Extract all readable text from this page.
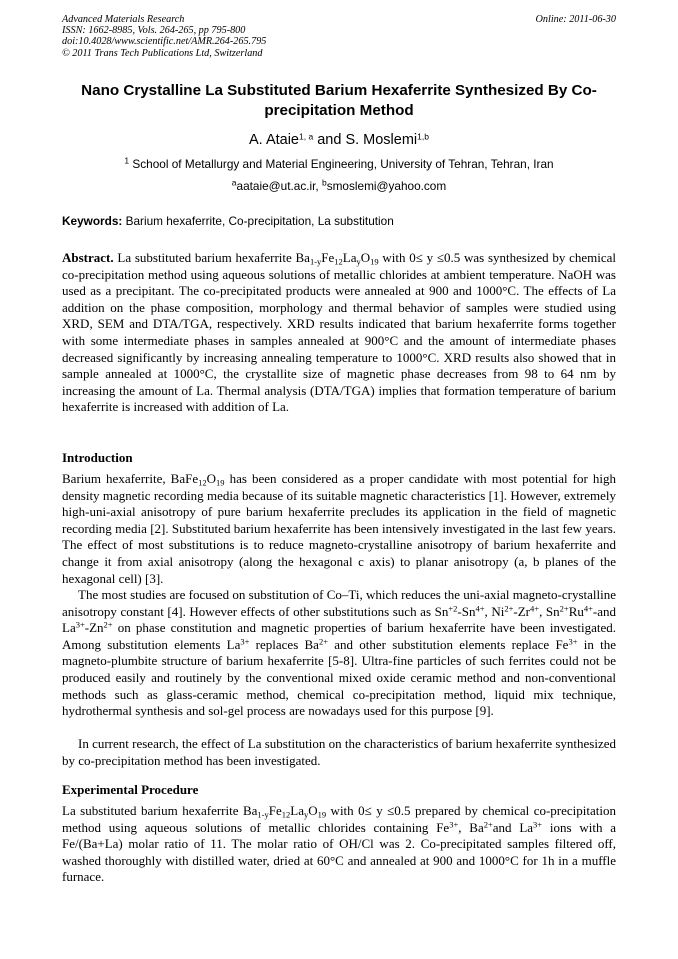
Advanced Materials Research
ISSN: 1662-8985, Vols. 264-265, pp 795-800
doi:10.4028/www.scientific.net/AMR.264-265.795
© 2011 Trans Tech Publications Ltd, Switzerland
Online: 2011-06-30
Nano Crystalline La Substituted Barium Hexaferrite Synthesized By Co-precipitation Method
A. Ataie$^{1, a}$ and S. Moslemi$^{1,b}$
$^1$ School of Metallurgy and Material Engineering, University of Tehran, Tehran, Iran
$^a$aataie@ut.ac.ir, $^b$smoslemi@yahoo.com
Keywords: Barium hexaferrite, Co-precipitation, La substitution

Abstract. La substituted barium hexaferrite $Ba_{1-y}Fe_{12}La_yO_{19}$ with 0≤ y ≤0.5 was synthesized by chemical co-precipitation method using aqueous solutions of metallic chlorides at ambient temperature. NaOH was used as a precipitant. The co-precipitated products were annealed at 900 and 1000°C. The effects of La addition on the phase composition, morphology and thermal behavior of samples were studied using XRD, SEM and DTA/TGA, respectively. XRD results indicated that barium hexaferrite forms together with some intermediate phases in samples annealed at 900°C and the amount of intermediate phases decreased significantly by increasing annealing temperature to 1000°C. XRD results also showed that in sample annealed at 1000°C, the crystallite size of magnetic phase decreases from 98 to 64 nm by increasing the amount of La. Thermal analysis (DTA/TGA) implies that formation temperature of barium hexaferrite is increased with addition of La.

Introduction

Barium hexaferrite, $BaFe_{12}O_{19}$ has been considered as a proper candidate with most potential for high density magnetic recording media because of its suitable magnetic characteristics [1]. However, extremely high-uni-axial anisotropy of pure barium hexaferrite precludes its application in the field of magnetic recording media [2]. Substituted barium hexaferrite has been intensively investigated in the last few years. The effect of most substitutions is to reduce magneto-crystalline anisotropy of barium hexaferrite and change it from axial anisotropy (along the hexagonal c axis) to planar anisotropy (a, b planes of the hexagonal cell) [3].

The most studies are focused on substitution of Co–Ti, which reduces the uni-axial magneto-crystalline anisotropy constant [4]. However effects of other substitutions such as $Sn^{+2}-Sn^{4+}$, $Ni^{2+}-Zr^{4+}$, $Sn^{2+}Ru^{4+}$-and $La^{3+}-Zn^{2+}$ on phase constitution and magnetic properties of barium hexaferrite have been investigated. Among substitution elements $La^{3+}$ replaces $Ba^{2+}$ and other substitution elements replace $Fe^{3+}$ in the magneto-plumbite structure of barium hexaferrite [5-8]. Ultra-fine particles of such ferrites could not be produced easily and routinely by the conventional mixed oxide ceramic method and non-conventional methods such as glass-ceramic method, chemical co-precipitation method, liquid mix technique, hydrothermal synthesis and sol-gel process are nowadays used for this purpose [9].

In current research, the effect of La substitution on the characteristics of barium hexaferrite synthesized by co-precipitation method has been investigated.

Experimental Procedure

La substituted barium hexaferrite $Ba_{1-y}Fe_{12}La_yO_{19}$ with 0≤ y ≤0.5 prepared by chemical co-precipitation method using aqueous solutions of metallic chlorides containing $Fe^{3+}$, $Ba^{2+}and$ $La^{3+}$ ions with a Fe/(Ba+La) molar ratio of 11. The molar ratio of OH/Cl was 2. Co-precipitated samples filtered off, washed thoroughly with distilled water, dried at 60°C and annealed at 900 and 1000°C for 1h in a muffle furnace.
